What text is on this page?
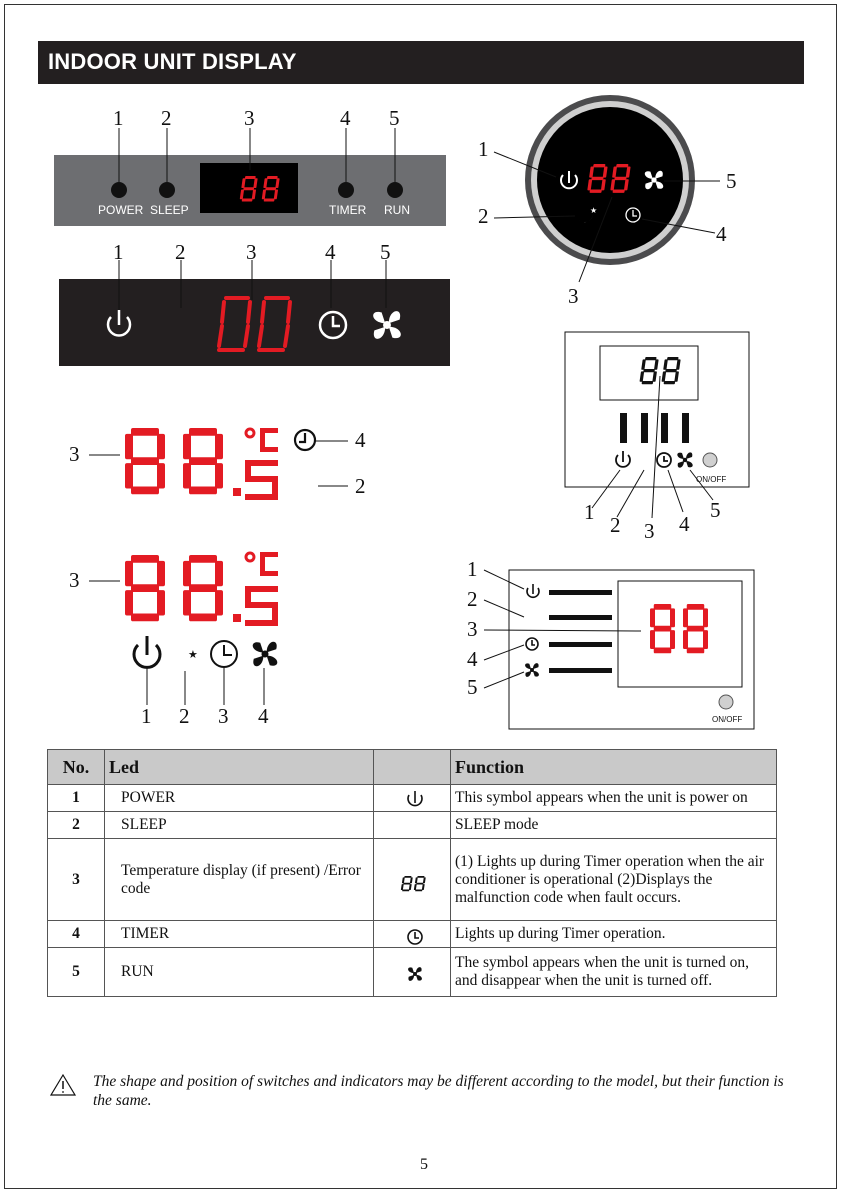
INDOOR UNIT DISPLAY
★
★
1 2	3	4 5
1 2	3	4 5
1
5
2
4
3
1
2 3 4
5
3
4
2
3
1 2 3 4
1
2
3
4
5
POWER SLEEP	TIMER RUN
ON/OFF
ON/OFF
No.	Led		Function
1	POWER		This symbol appears when the unit is power on
2	SLEEP		SLEEP mode
3	Temperature display (if present) /Error code		(1) Lights up during Timer operation when the air conditioner is operational (2)Displays the malfunction code when fault occurs.
4	TIMER		Lights up during Timer operation.
5	RUN		The symbol appears when the unit is turned on, and disappear when the unit is turned off.
The shape and position of switches and indicators may be different according to the model, but their function is the same.
5
